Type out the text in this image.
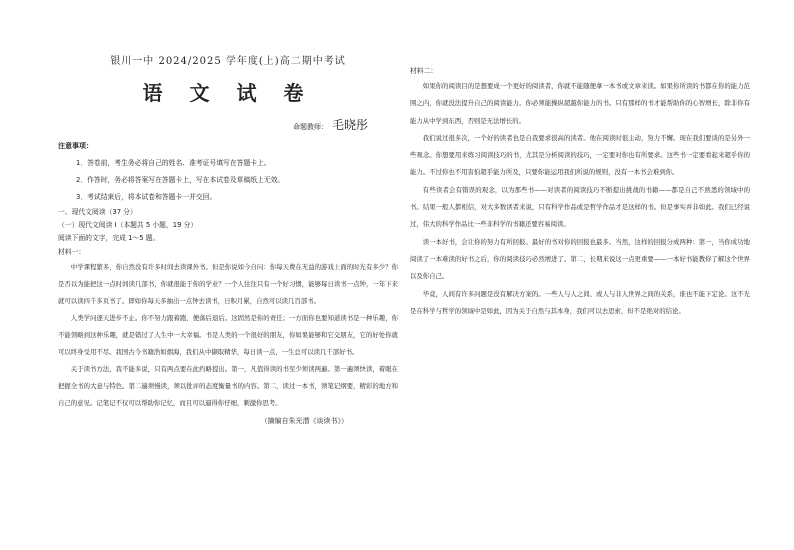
银川一中 2024/2025 学年度(上)高二期中考试
语 文 试 卷
命题教师： 毛晓彤
注意事项：
1．答卷前，考生务必将自己的姓名、准考证号填写在答题卡上。
2．作答时，务必将答案写在答题卡上，写在本试卷及草稿纸上无效。
3．考试结束后，将本试卷和答题卡一并交回。
一、现代文阅读（37 分）
（一）现代文阅读 I（本题共 5 小题，19 分）
阅读下面的文字，完成 1～5 题。
材料一：

中学课程繁多，你自然没有许多时间去读课外书。但是你说如今自问：你每天费在无益的游戏上面的时光有多少？你是否以为能把这一点时间读几部书，你就很能于你的学业？一个人往往只有一个好习惯，能够每日读书一点钟，一年下来就可以读四千多页书了。即如你每天多抽出一点钟去读书，日积月累，自然可以读几百部书。

人类学问逐天进步不止。你不努力跟着跑，便落后退后。这固然是你的责任；一方面你也要知道读书是一种乐趣，你不能领略到这种乐趣，就是错过了人生中一大幸福。书是人类的一个很好的朋友，你如果能够和它交朋友，它的好处你就可以终身受用不尽。我国古今书籍浩如烟海，我们从中撷取精华，每日读一点，一生总可以读几千部好书。

关于读书方法，我不能多说，只有两点要在此约略提出。第一，凡值得读的书至少须读两遍。第一遍须快读，着眼在把握全书的大意与特色。第二遍须慢读，须以批评的态度衡量书的内容。第二，读过一本书，须笔记纲要，精彩的地方和自己的意见。记笔记不仅可以帮助你记忆，而且可以逼得你仔细，刺激你思考。

（摘编自朱光潜《谈读书》）
材料二：

如果你的阅读目的是想要成一个更好的阅读者，你就不能随便拿一本书或文章来读。如果你所读的书都在你的能力范围之内，你就没法提升自己的阅读能力。你必须能操纵超越你能力的书。只有那样的书才能帮助你的心智增长，除非你有能力从中学到东西，否则是无法增长的。

我们说过很多次，一个好的读者也是自我要求很高的读者。他在阅读时很主动，努力不懈。现在我们要谈的是另外一些观念。你想要用来练习阅读技巧的书，尤其是分析阅读的技巧，一定要对你也有所要求。这些书一定要看起来超乎你的能力。不过你也不用害怕超乎能力所及，只要你能运用我们所说的规则，没有一本书会难到你。

有些读者会有错误的观念，以为那些书——对读者的阅读技巧不断提出挑战的书籍——都是自己不熟悉的领域中的书。结果一般人都相信，对大多数读者来说，只有科学作品或是哲学作品才是这样的书。但是事实并非如此。我们已经说过，伟大的科学作品比一些非科学的书籍还要容易阅读。

读一本好书，会让你的努力有所回报。最好的书对你的回报也最多。当然，这样的回报分成两种：第一，当你成功地阅读了一本难读的好书之后，你的阅读技巧必然增进了。第二，长期来说这一点更重要——一本好书能教你了解这个世界以及你自己。

毕竟，人间有许多问题是没有解决方案的。一些人与人之间、或人与非人世界之间的关系，谁也不能下定论。这不光是在科学与哲学的领域中是如此，因为关于自然与其本身，我们可以去思索，但不是绝对的结论。
